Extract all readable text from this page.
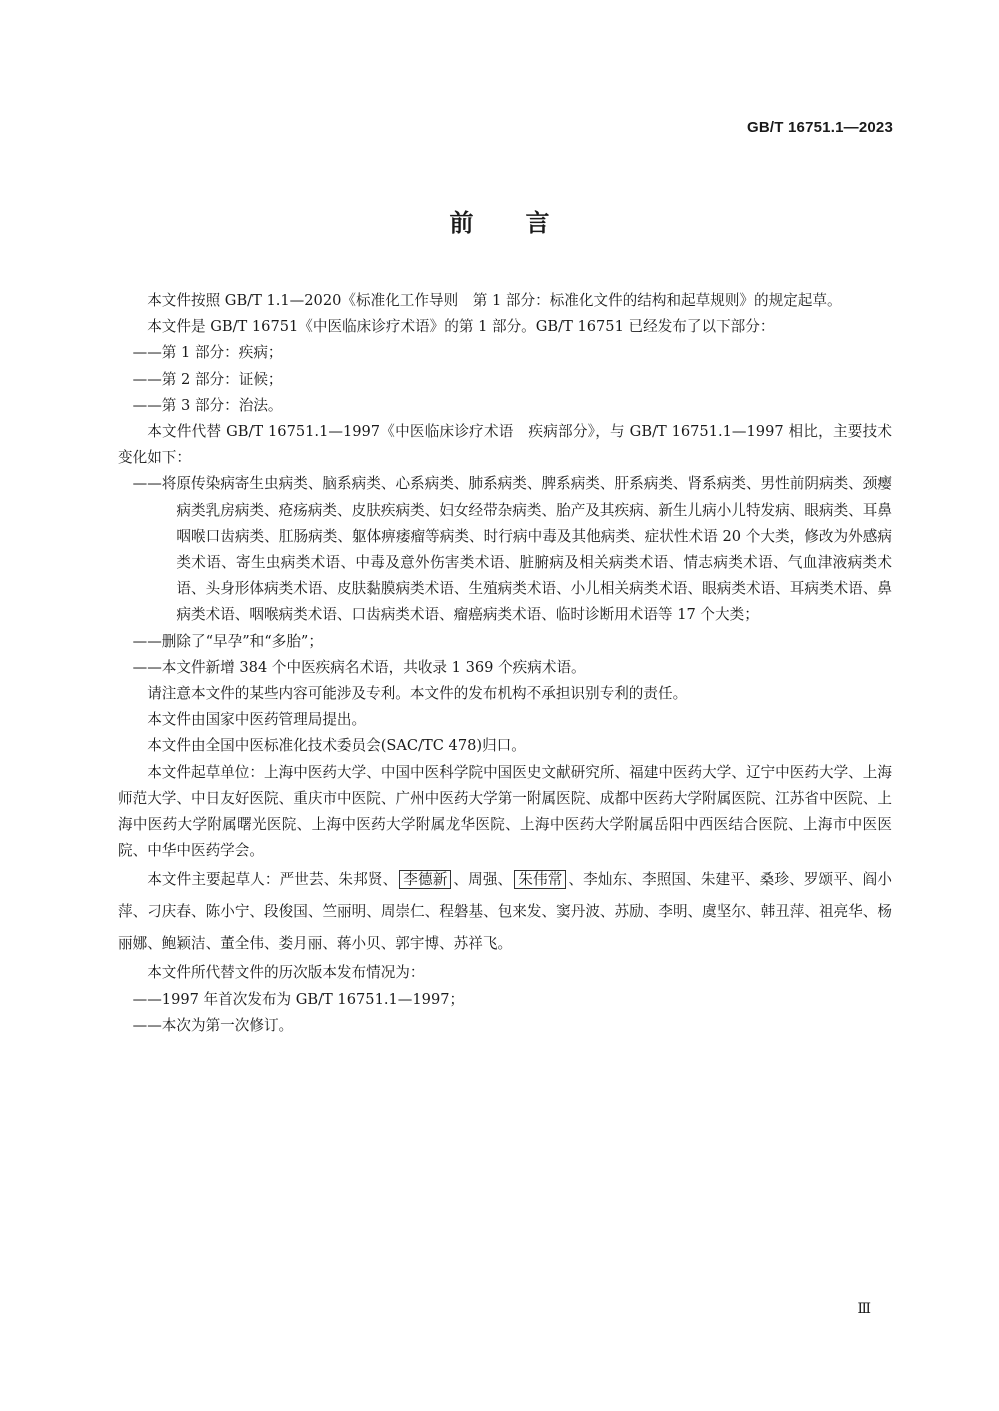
GB/T 16751.1—2023
前言

本文件按照 GB/T 1.1—2020《标准化工作导则　第 1 部分：标准化文件的结构和起草规则》的规定起草。

本文件是 GB/T 16751《中医临床诊疗术语》的第 1 部分。GB/T 16751 已经发布了以下部分：

——第 1 部分：疾病；

——第 2 部分：证候；

——第 3 部分：治法。

本文件代替 GB/T 16751.1—1997《中医临床诊疗术语　疾病部分》，与 GB/T 16751.1—1997 相比，主要技术变化如下：

——将原传染病寄生虫病类、脑系病类、心系病类、肺系病类、脾系病类、肝系病类、肾系病类、男性前阴病类、颈瘿病类乳房病类、疮疡病类、皮肤疾病类、妇女经带杂病类、胎产及其疾病、新生儿病小儿特发病、眼病类、耳鼻咽喉口齿病类、肛肠病类、躯体痹痿瘤等病类、时行病中毒及其他病类、症状性术语 20 个大类，修改为外感病类术语、寄生虫病类术语、中毒及意外伤害类术语、脏腑病及相关病类术语、情志病类术语、气血津液病类术语、头身形体病类术语、皮肤黏膜病类术语、生殖病类术语、小儿相关病类术语、眼病类术语、耳病类术语、鼻病类术语、咽喉病类术语、口齿病类术语、瘤癌病类术语、临时诊断用术语等 17 个大类；

——删除了“早孕”和“多胎”；

——本文件新增 384 个中医疾病名术语，共收录 1 369 个疾病术语。

请注意本文件的某些内容可能涉及专利。本文件的发布机构不承担识别专利的责任。

本文件由国家中医药管理局提出。

本文件由全国中医标准化技术委员会(SAC/TC 478)归口。

本文件起草单位：上海中医药大学、中国中医科学院中国医史文献研究所、福建中医药大学、辽宁中医药大学、上海师范大学、中日友好医院、重庆市中医院、广州中医药大学第一附属医院、成都中医药大学附属医院、江苏省中医院、上海中医药大学附属曙光医院、上海中医药大学附属龙华医院、上海中医药大学附属岳阳中西医结合医院、上海市中医医院、中华中医药学会。

本文件主要起草人：严世芸、朱邦贤、 李德新 、周强、 朱伟常 、李灿东、李照国、朱建平、桑珍、罗颂平、阎小萍、刁庆春、陈小宁、段俊国、竺丽明、周崇仁、程磐基、包来发、窦丹波、苏励、李明、虞坚尔、韩丑萍、祖亮华、杨丽娜、鲍颖洁、董全伟、娄月丽、蒋小贝、郭宇博、苏祥飞。

本文件所代替文件的历次版本发布情况为：

——1997 年首次发布为 GB/T 16751.1—1997；

——本次为第一次修订。

Ⅲ
